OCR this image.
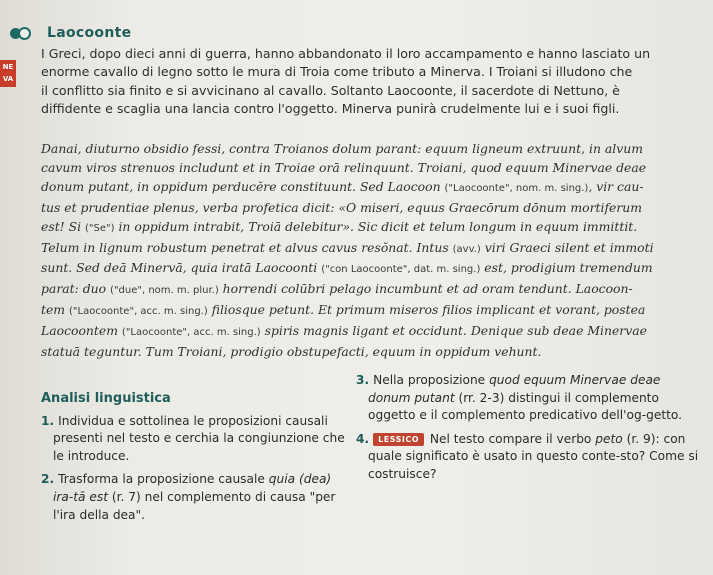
NE
VA
Laocoonte

I Greci, dopo dieci anni di guerra, hanno abbandonato il loro accampamento e hanno lasciato un

enorme cavallo di legno sotto le mura di Troia come tributo a Minerva. I Troiani si illudono che

il conflitto sia finito e si avvicinano al cavallo. Soltanto Laocoonte, il sacerdote di Nettuno, è

diffidente e scaglia una lancia contro l'oggetto. Minerva punirà crudelmente lui e i suoi figli.

Danai, diuturno obsidio fessi, contra Troianos dolum parant: equum ligneum extruunt, in alvum

cavum viros strenuos includunt et in Troiae orā relinquunt. Troiani, quod equum Minervae deae

donum putant, in oppidum perducĕre constituunt. Sed Laocoon ("Laocoonte", nom. m. sing.), vir cau-

tus et prudentiae plenus, verba profetica dicit: «O miseri, equus Graecōrum dōnum mortiferum

est! Si ("Se") in oppidum intrabit, Troiā delebitur». Sic dicit et telum longum in equum immittit.

Telum in lignum robustum penetrat et alvus cavus resŏnat. Intus (avv.) viri Graeci silent et immoti

sunt. Sed deā Minervā, quia iratā Laocoonti ("con Laocoonte", dat. m. sing.) est, prodigium tremendum

parat: duo ("due", nom. m. plur.) horrendi colūbri pelago incumbunt et ad oram tendunt. Laocoon-

tem ("Laocoonte", acc. m. sing.) filiosque petunt. Et primum miseros filios implicant et vorant, postea

Laocoontem ("Laocoonte", acc. m. sing.) spiris magnis ligant et occidunt. Denique sub deae Minervae

statuā teguntur. Tum Troiani, prodigio obstupefacti, equum in oppidum vehunt.

Analisi linguistica

1. Individua e sottolinea le proposizioni causali presenti nel testo e cerchia la congiunzione che le introduce.

2. Trasforma la proposizione causale quia (dea) ira-tā est (r. 7) nel complemento di causa "per l'ira della dea".

3. Nella proposizione quod equum Minervae deae donum putant (rr. 2-3) distingui il complemento oggetto e il complemento predicativo dell'og-getto.

4. LESSICO Nel testo compare il verbo peto (r. 9): con quale significato è usato in questo conte-sto? Come si costruisce?
